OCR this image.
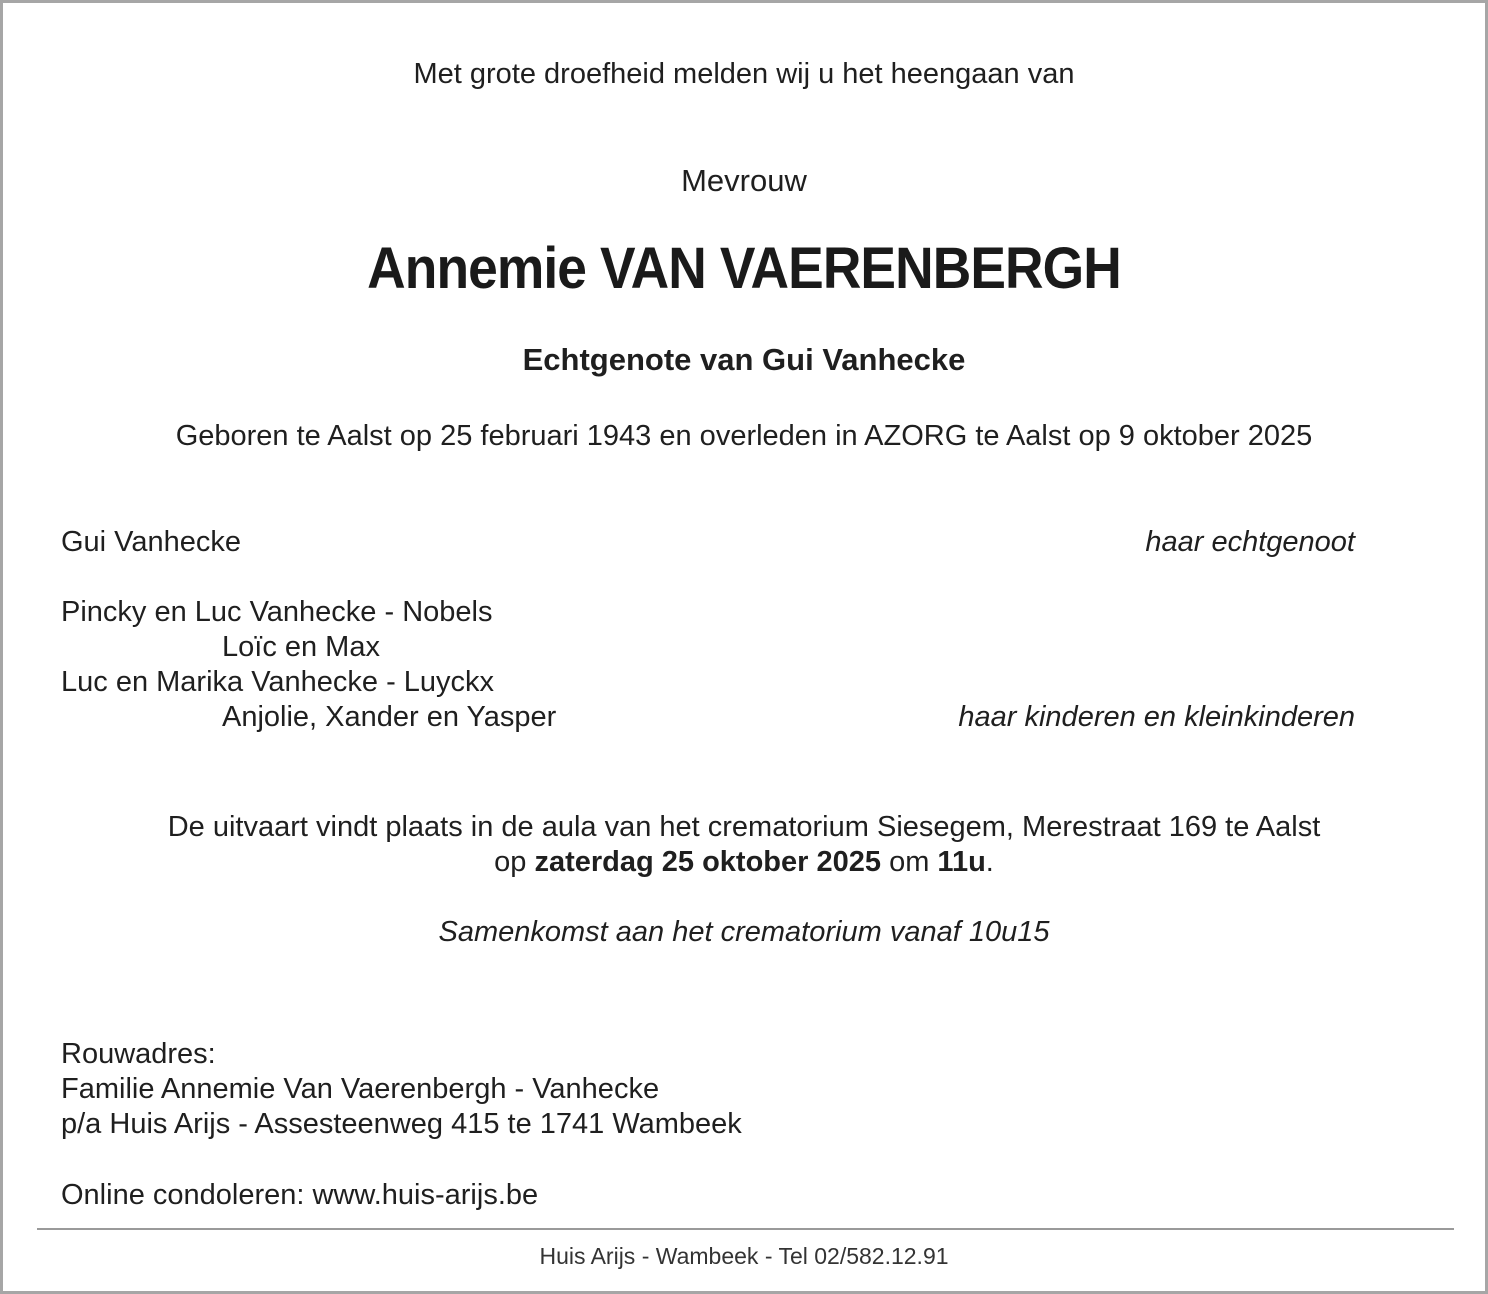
Met grote droefheid melden wij u het heengaan van
Mevrouw
Annemie VAN VAERENBERGH
Echtgenote van Gui Vanhecke
Geboren te Aalst op 25 februari 1943 en overleden in AZORG te Aalst op 9 oktober 2025
Gui Vanhecke	haar echtgenoot
Pincky en Luc Vanhecke - Nobels
Loïc en Max
Luc en Marika Vanhecke - Luyckx
Anjolie, Xander en Yasper	haar kinderen en kleinkinderen
De uitvaart vindt plaats in de aula van het crematorium Siesegem, Merestraat 169 te Aalst
op zaterdag 25 oktober 2025 om 11u.
Samenkomst aan het crematorium vanaf 10u15
Rouwadres:
Familie Annemie Van Vaerenbergh - Vanhecke
p/a Huis Arijs - Assesteenweg 415 te 1741 Wambeek
Online condoleren: www.huis-arijs.be
Huis Arijs - Wambeek - Tel 02/582.12.91
